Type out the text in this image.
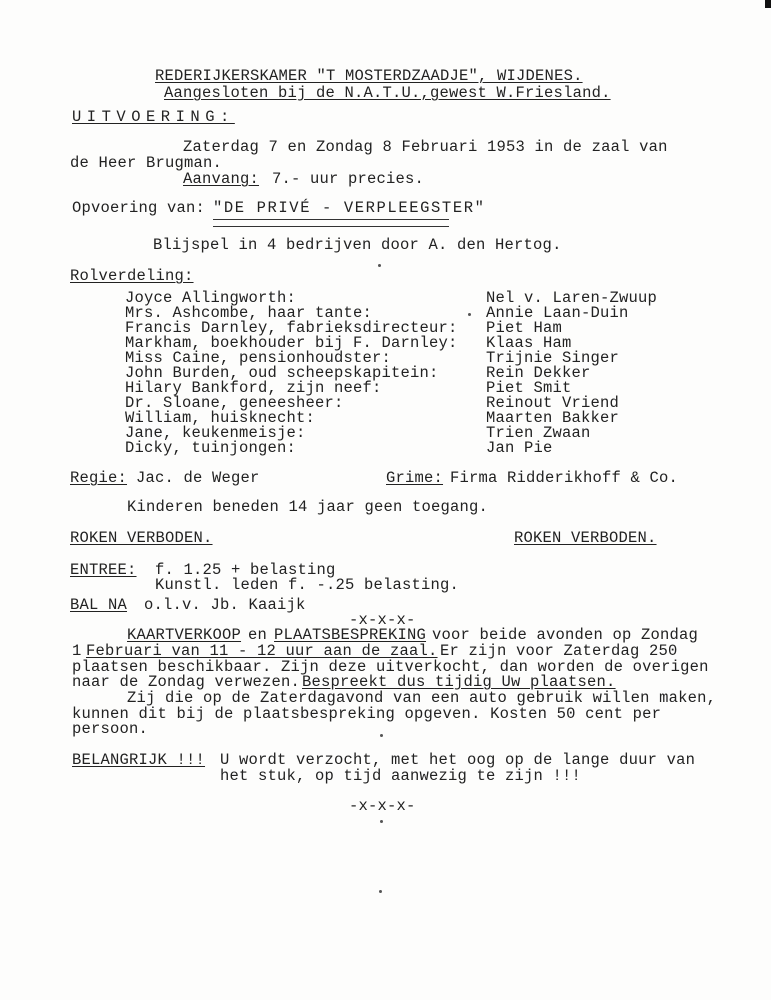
REDERIJKERSKAMER "T MOSTERDZAADJE", WIJDENES.
Aangesloten bij de N.A.T.U.,gewest W.Friesland.
UITVOERING:
Zaterdag 7 en Zondag 8 Februari 1953 in de zaal van
de Heer Brugman.
Aanvang: 7.- uur precies.
Opvoering van: "DE PRIVÉ - VERPLEEGSTER"
Blijspel in 4 bedrijven door A. den Hertog.
Rolverdeling:
Joyce Allingworth:	Nel v. Laren-Zwuup
Mrs. Ashcombe, haar tante:	Annie Laan-Duin
Francis Darnley, fabrieksdirecteur: Piet Ham
Markham, boekhouder bij F. Darnley: Klaas Ham
Miss Caine, pensionhoudster:	Trijnie Singer
John Burden, oud scheepskapitein:	Rein Dekker
Hilary Bankford, zijn neef:	Piet Smit
Dr. Sloane, geneesheer:	Reinout Vriend
William, huisknecht:	Maarten Bakker
Jane, keukenmeisje:	Trien Zwaan
Dicky, tuinjongen:	Jan Pie
Regie: Jac. de Weger	Grime: Firma Ridderikhoff & Co.
Kinderen beneden 14 jaar geen toegang.
ROKEN VERBODEN.	ROKEN VERBODEN.
ENTREE: f. 1.25 + belasting
Kunstl. leden f. -.25 belasting.
BAL NA o.l.v. Jb. Kaaijk
-x-x-x-
KAARTVERKOOP en PLAATSBESPREKING voor beide avonden op Zondag
1 Februari van 11 - 12 uur aan de zaal. Er zijn voor Zaterdag 250
plaatsen beschikbaar. Zijn deze uitverkocht, dan worden de overigen
naar de Zondag verwezen. Bespreekt dus tijdig Uw plaatsen.
Zij die op de Zaterdagavond van een auto gebruik willen maken,
kunnen dit bij de plaatsbespreking opgeven. Kosten 50 cent per
persoon.
BELANGRIJK !!! U wordt verzocht, met het oog op de lange duur van
het stuk, op tijd aanwezig te zijn !!!
-x-x-x-
